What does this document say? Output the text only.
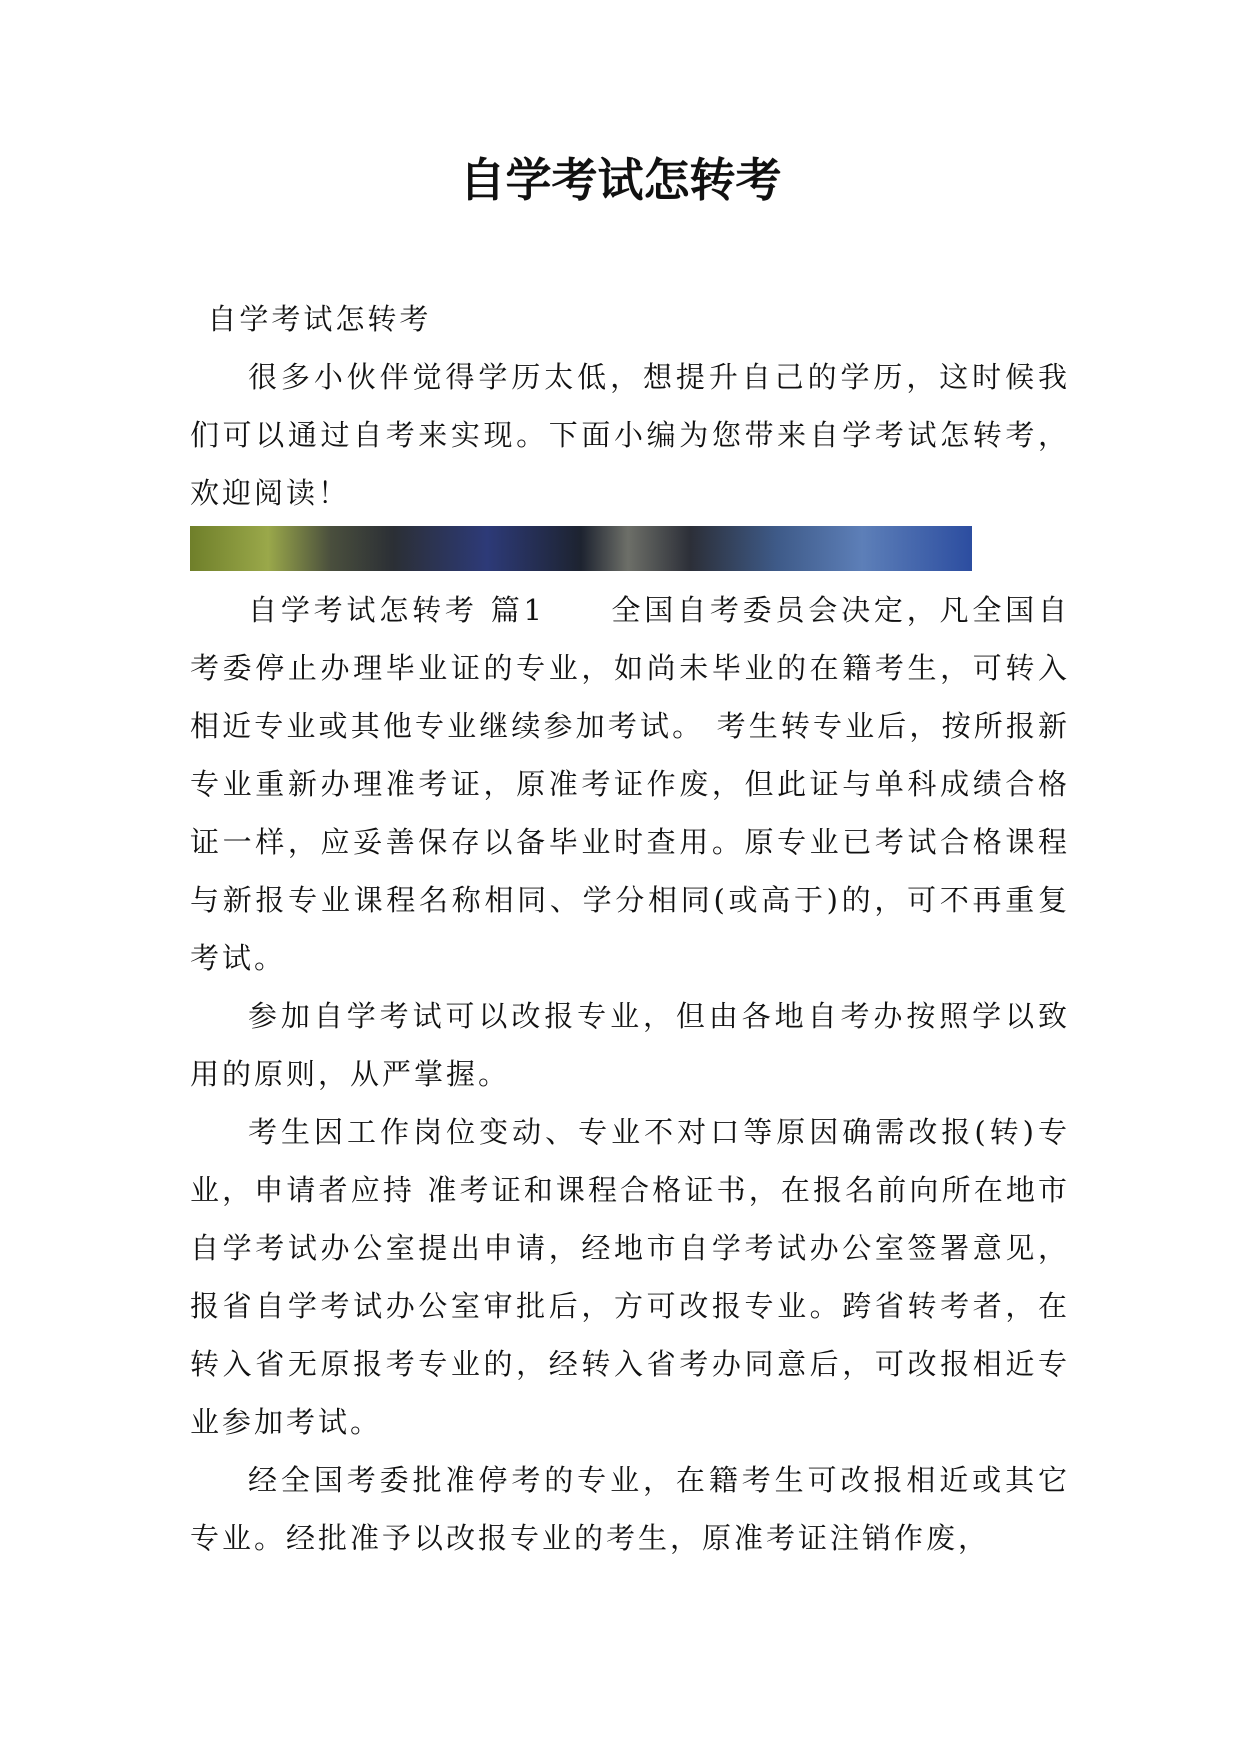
自学考试怎转考

自学考试怎转考

很多小伙伴觉得学历太低，想提升自己的学历，这时候我们可以通过自考来实现。下面小编为您带来自学考试怎转考，欢迎阅读！

自学考试怎转考 篇1　　全国自考委员会决定，凡全国自考委停止办理毕业证的专业，如尚未毕业的在籍考生，可转入相近专业或其他专业继续参加考试。 考生转专业后，按所报新专业重新办理准考证，原准考证作废，但此证与单科成绩合格证一样，应妥善保存以备毕业时查用。原专业已考试合格课程与新报专业课程名称相同、学分相同(或高于)的，可不再重复考试。

参加自学考试可以改报专业，但由各地自考办按照学以致用的原则，从严掌握。

考生因工作岗位变动、专业不对口等原因确需改报(转)专业，申请者应持 准考证和课程合格证书，在报名前向所在地市自学考试办公室提出申请，经地市自学考试办公室签署意见，报省自学考试办公室审批后，方可改报专业。跨省转考者，在转入省无原报考专业的，经转入省考办同意后，可改报相近专业参加考试。

经全国考委批准停考的专业，在籍考生可改报相近或其它专业。经批准予以改报专业的考生，原准考证注销作废，
